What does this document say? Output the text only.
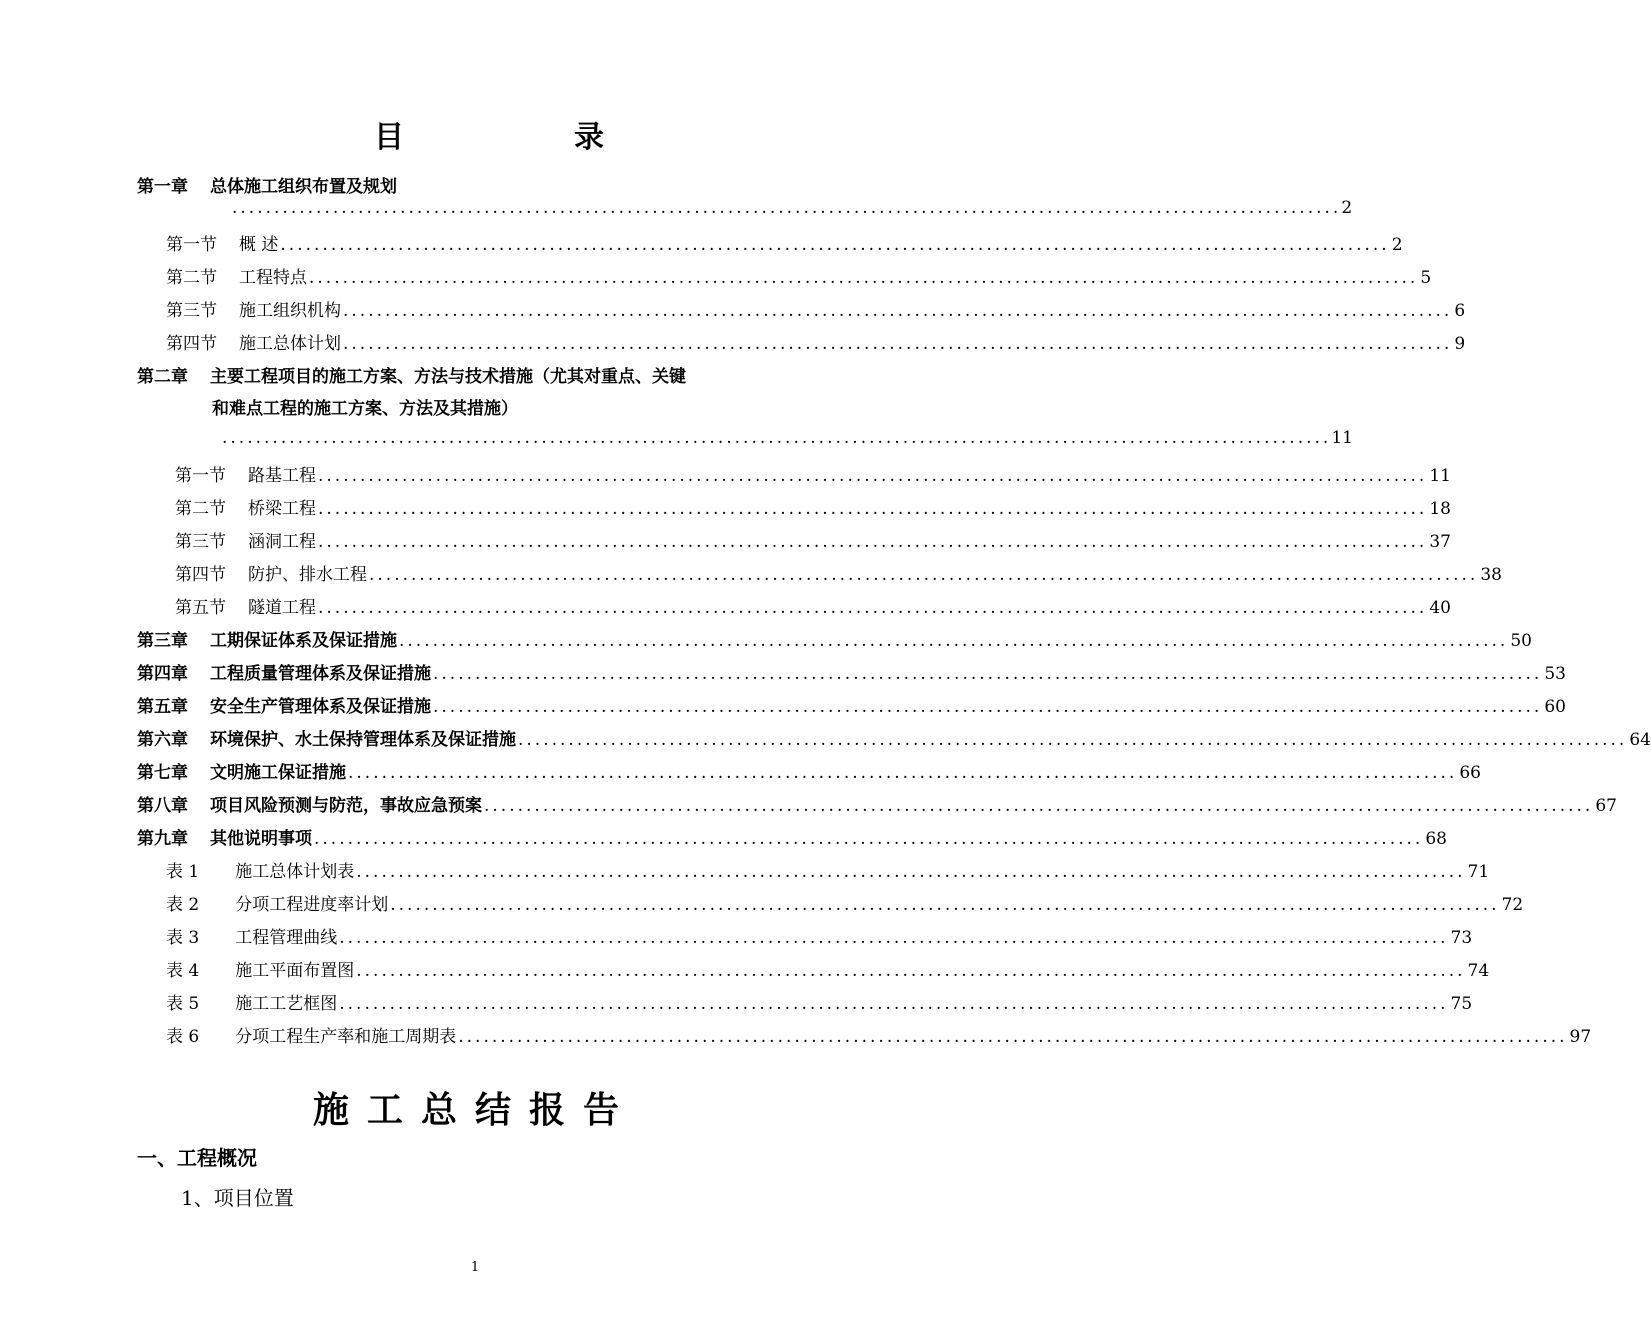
目	录
第一章 总体施工组织布置及规划
.................................................................................................................................... 2
第一节 概 述 .................................................................................................................................... 2
第二节 工程特点 .................................................................................................................................... 5
第三节 施工组织机构 .................................................................................................................................... 6
第四节 施工总体计划 .................................................................................................................................... 9
第二章 主要工程项目的施工方案、方法与技术措施（尤其对重点、关键
和难点工程的施工方案、方法及其措施）
.................................................................................................................................... 11
第一节 路基工程 .................................................................................................................................... 11
第二节 桥梁工程 .................................................................................................................................... 18
第三节 涵洞工程 .................................................................................................................................... 37
第四节 防护、排水工程 .................................................................................................................................... 38
第五节 隧道工程 .................................................................................................................................... 40
第三章 工期保证体系及保证措施 .................................................................................................................................... 50
第四章 工程质量管理体系及保证措施 .................................................................................................................................... 53
第五章 安全生产管理体系及保证措施 .................................................................................................................................... 60
第六章 环境保护、水土保持管理体系及保证措施 .................................................................................................................................... 64
第七章 文明施工保证措施 .................................................................................................................................... 66
第八章 项目风险预测与防范，事故应急预案 .................................................................................................................................... 67
第九章 其他说明事项 .................................................................................................................................... 68
表 1 施工总体计划表 .................................................................................................................................... 71
表 2 分项工程进度率计划 .................................................................................................................................... 72
表 3 工程管理曲线 .................................................................................................................................... 73
表 4 施工平面布置图 .................................................................................................................................... 74
表 5 施工工艺框图 .................................................................................................................................... 75
表 6 分项工程生产率和施工周期表 .................................................................................................................................... 97
施工总结报告
一、工程概况
1、项目位置
1
